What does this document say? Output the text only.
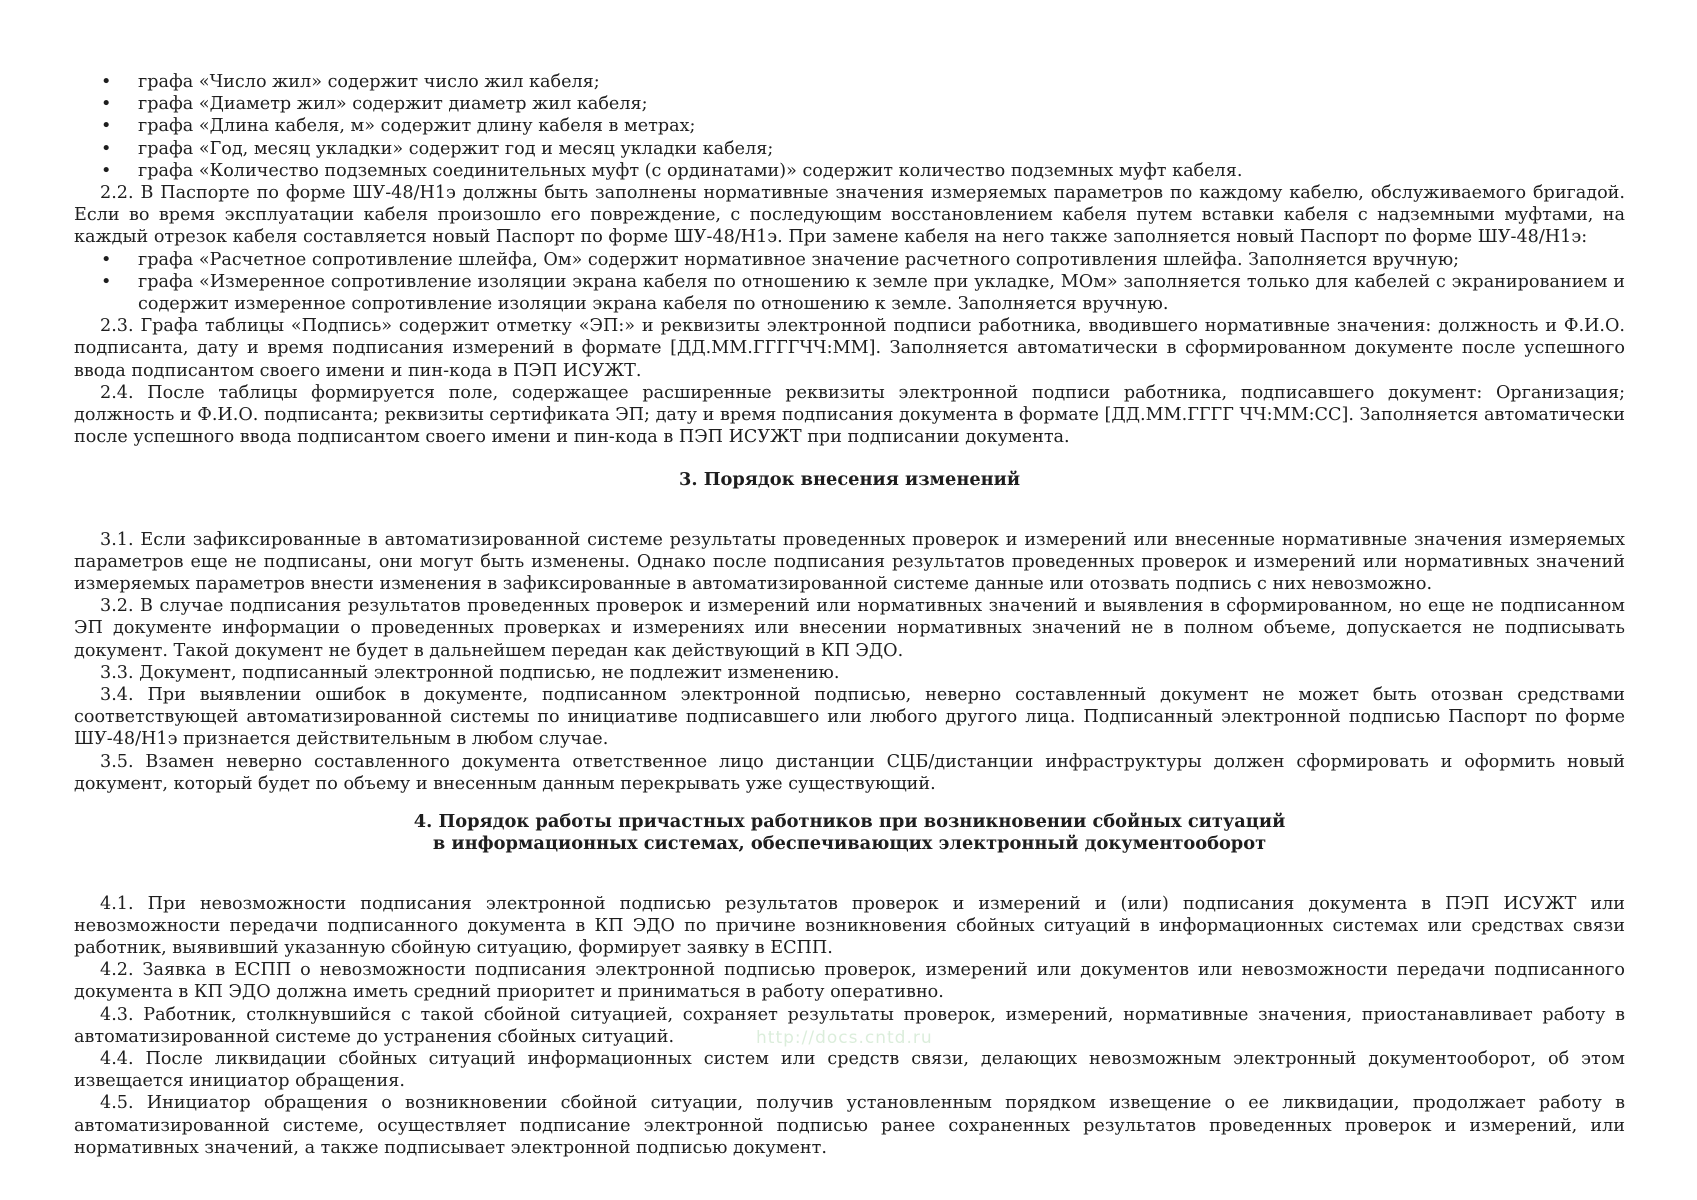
• графа «Число жил» содержит число жил кабеля;
• графа «Диаметр жил» содержит диаметр жил кабеля;
• графа «Длина кабеля, м» содержит длину кабеля в метрах;
• графа «Год, месяц укладки» содержит год и месяц укладки кабеля;
• графа «Количество подземных соединительных муфт (с ординатами)» содержит количество подземных муфт кабеля.

2.2. В Паспорте по форме ШУ-48/Н1э должны быть заполнены нормативные значения измеряемых параметров по каждому кабелю, обслуживаемого бригадой. Если во время эксплуатации кабеля произошло его повреждение, с последующим восстановлением кабеля путем вставки кабеля с надземными муфтами, на каждый отрезок кабеля составляется новый Паспорт по форме ШУ-48/Н1э. При замене кабеля на него также заполняется новый Паспорт по форме ШУ-48/Н1э:

• графа «Расчетное сопротивление шлейфа, Ом» содержит нормативное значение расчетного сопротивления шлейфа. Заполняется вручную;
• графа «Измеренное сопротивление изоляции экрана кабеля по отношению к земле при укладке, МОм» заполняется только для кабелей с экранированием и содержит измеренное сопротивление изоляции экрана кабеля по отношению к земле. Заполняется вручную.

2.3. Графа таблицы «Подпись» содержит отметку «ЭП:» и реквизиты электронной подписи работника, вводившего нормативные значения: должность и Ф.И.О. подписанта, дату и время подписания измерений в формате [ДД.ММ.ГГГГЧЧ:ММ]. Заполняется автоматически в сформированном документе после успешного ввода подписантом своего имени и пин-кода в ПЭП ИСУЖТ.

2.4. После таблицы формируется поле, содержащее расширенные реквизиты электронной подписи работника, подписавшего документ: Организация; должность и Ф.И.О. подписанта; реквизиты сертификата ЭП; дату и время подписания документа в формате [ДД.ММ.ГГГГ ЧЧ:ММ:СС]. Заполняется автоматически после успешного ввода подписантом своего имени и пин-кода в ПЭП ИСУЖТ при подписании документа.

3. Порядок внесения изменений

3.1. Если зафиксированные в автоматизированной системе результаты проведенных проверок и измерений или внесенные нормативные значения измеряемых параметров еще не подписаны, они могут быть изменены. Однако после подписания результатов проведенных проверок и измерений или нормативных значений измеряемых параметров внести изменения в зафиксированные в автоматизированной системе данные или отозвать подпись с них невозможно.

3.2. В случае подписания результатов проведенных проверок и измерений или нормативных значений и выявления в сформированном, но еще не подписанном ЭП документе информации о проведенных проверках и измерениях или внесении нормативных значений не в полном объеме, допускается не подписывать документ. Такой документ не будет в дальнейшем передан как действующий в КП ЭДО.

3.3. Документ, подписанный электронной подписью, не подлежит изменению.

3.4. При выявлении ошибок в документе, подписанном электронной подписью, неверно составленный документ не может быть отозван средствами соответствующей автоматизированной системы по инициативе подписавшего или любого другого лица. Подписанный электронной подписью Паспорт по форме ШУ-48/Н1э признается действительным в любом случае.

3.5. Взамен неверно составленного документа ответственное лицо дистанции СЦБ/дистанции инфраструктуры должен сформировать и оформить новый документ, который будет по объему и внесенным данным перекрывать уже существующий.

4. Порядок работы причастных работников при возникновении сбойных ситуаций
в информационных системах, обеспечивающих электронный документооборот

4.1. При невозможности подписания электронной подписью результатов проверок и измерений и (или) подписания документа в ПЭП ИСУЖТ или невозможности передачи подписанного документа в КП ЭДО по причине возникновения сбойных ситуаций в информационных системах или средствах связи работник, выявивший указанную сбойную ситуацию, формирует заявку в ЕСПП.

4.2. Заявка в ЕСПП о невозможности подписания электронной подписью проверок, измерений или документов или невозможности передачи подписанного документа в КП ЭДО должна иметь средний приоритет и приниматься в работу оперативно.

4.3. Работник, столкнувшийся с такой сбойной ситуацией, сохраняет результаты проверок, измерений, нормативные значения, приостанавливает работу в автоматизированной системе до устранения сбойных ситуаций.

4.4. После ликвидации сбойных ситуаций информационных систем или средств связи, делающих невозможным электронный документооборот, об этом извещается инициатор обращения.

4.5. Инициатор обращения о возникновении сбойной ситуации, получив установленным порядком извещение о ее ликвидации, продолжает работу в автоматизированной системе, осуществляет подписание электронной подписью ранее сохраненных результатов проведенных проверок и измерений, или нормативных значений, а также подписывает электронной подписью документ.

http://docs.cntd.ru
